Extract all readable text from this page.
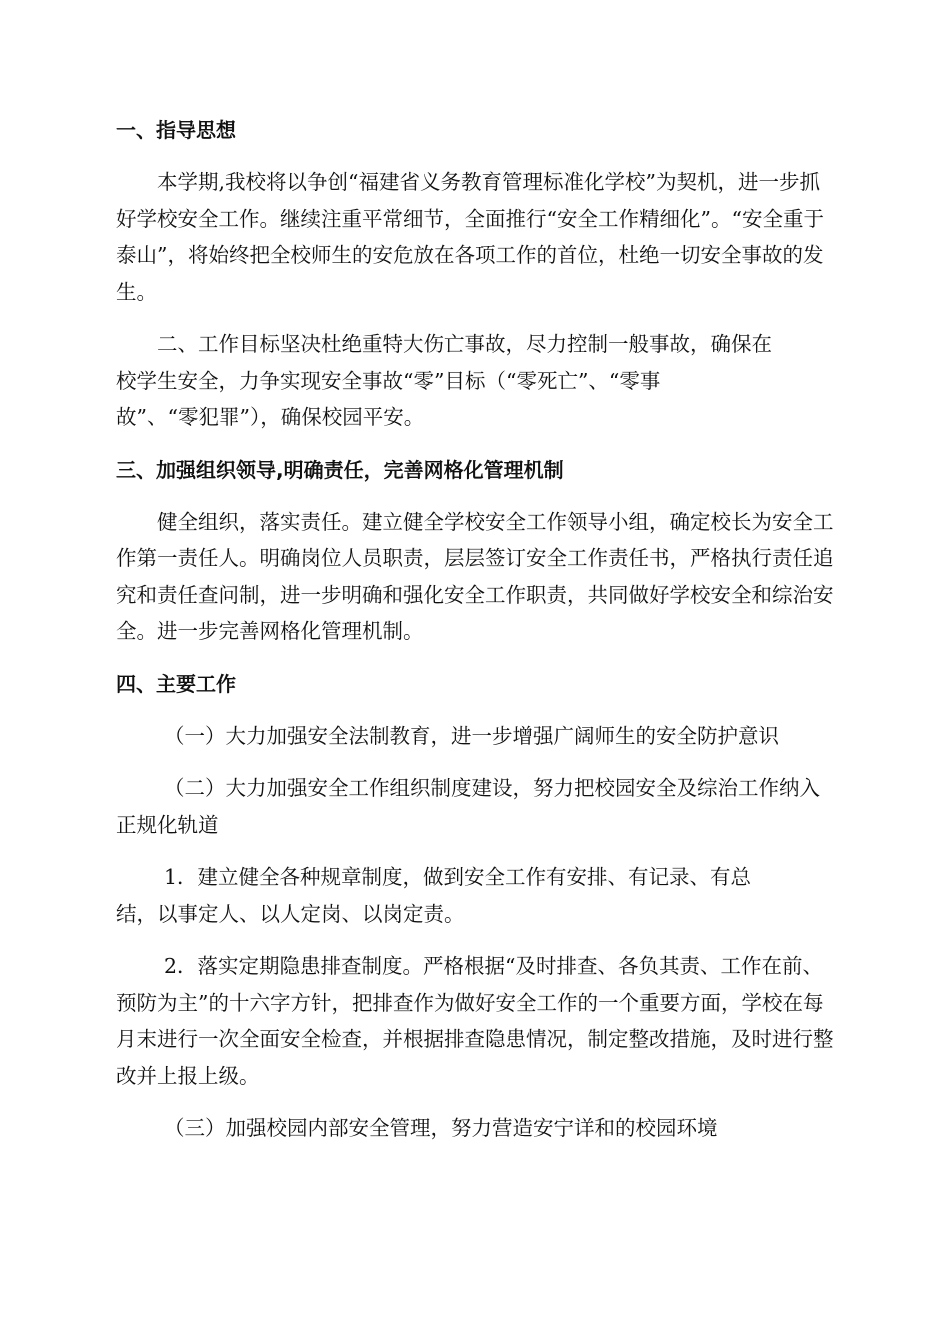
一、指导思想
本学期,我校将以争创“福建省义务教育管理标准化学校”为契机，进一步抓好学校安全工作。继续注重平常细节，全面推行“安全工作精细化”。“安全重于泰山”，将始终把全校师生的安危放在各项工作的首位，杜绝一切安全事故的发生。
二、工作目标坚决杜绝重特大伤亡事故，尽力控制一般事故，确保在
校学生安全，力争实现安全事故“零”目标（“零死亡”、“零事
故”、“零犯罪”），确保校园平安。
三、加强组织领导,明确责任，完善网格化管理机制
健全组织，落实责任。建立健全学校安全工作领导小组，确定校长为安全工作第一责任人。明确岗位人员职责，层层签订安全工作责任书，严格执行责任追究和责任查问制，进一步明确和强化安全工作职责，共同做好学校安全和综治安全。进一步完善网格化管理机制。
四、主要工作
（一）大力加强安全法制教育，进一步增强广阔师生的安全防护意识
（二）大力加强安全工作组织制度建设，努力把校园安全及综治工作纳入正规化轨道
1．建立健全各种规章制度，做到安全工作有安排、有记录、有总
结，以事定人、以人定岗、以岗定责。
2．落实定期隐患排查制度。严格根据“及时排查、各负其责、工作在前、预防为主”的十六字方针，把排查作为做好安全工作的一个重要方面，学校在每月末进行一次全面安全检查，并根据排查隐患情况，制定整改措施，及时进行整改并上报上级。
（三）加强校园内部安全管理，努力营造安宁详和的校园环境
